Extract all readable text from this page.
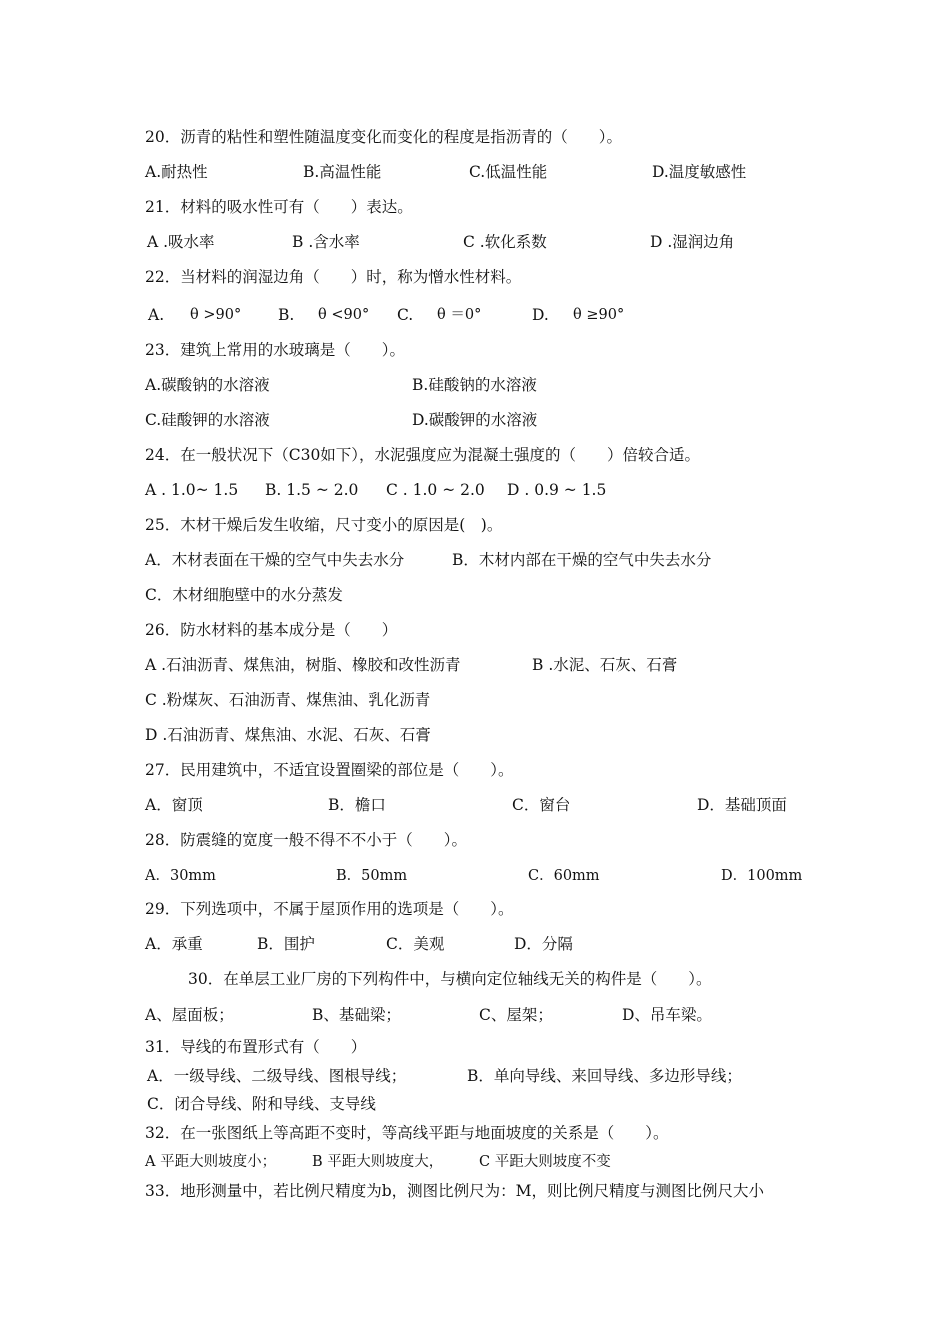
20．沥青的粘性和塑性随温度变化而变化的程度是指沥青的（　　）。
A.耐热性	B.高温性能	C.低温性能	D.温度敏感性
21．材料的吸水性可有（　　）表达。
A .吸水率	B .含水率	C .软化系数	D .湿润边角
22．当材料的润湿边角（　　）时，称为憎水性材料。
A. θ >90° B. θ <90° C. θ ＝0°	D. θ ≥90°
23．建筑上常用的水玻璃是（　　）。
A.碳酸钠的水溶液	B.硅酸钠的水溶液
C.硅酸钾的水溶液	D.碳酸钾的水溶液
24．在一般状况下（C30如下），水泥强度应为混凝土强度的（　　）倍较合适。
A . 1.0~ 1.5 B. 1.5 ~ 2.0 C . 1.0 ~ 2.0 D . 0.9 ~ 1.5
25．木材干燥后发生收缩，尺寸变小的原因是(　)。
A．木材表面在干燥的空气中失去水分	B．木材内部在干燥的空气中失去水分
C．木材细胞壁中的水分蒸发
26．防水材料的基本成分是（　　）
A .石油沥青、煤焦油，树脂、橡胶和改性沥青	B .水泥、石灰、石膏
C .粉煤灰、石油沥青、煤焦油、乳化沥青
D .石油沥青、煤焦油、水泥、石灰、石膏
27．民用建筑中，不适宜设置圈梁的部位是（　　）。
A．窗顶	B．檐口	C．窗台	D．基础顶面
28．防震缝的宽度一般不得不不小于（　　）。
A．30mm	B．50mm	C．60mm	D．100mm
29．下列选项中，不属于屋顶作用的选项是（　　）。
A．承重	B．围护	C．美观	D．分隔
30．在单层工业厂房的下列构件中，与横向定位轴线无关的构件是（　　）。
A、屋面板；	B、基础梁；	C、屋架；	D、吊车梁。
31．导线的布置形式有（　　）
A．一级导线、二级导线、图根导线；	B．单向导线、来回导线、多边形导线；
C．闭合导线、附和导线、支导线
32．在一张图纸上等高距不变时，等高线平距与地面坡度的关系是（　　）。
A 平距大则坡度小； B 平距大则坡度大， C 平距大则坡度不变
33．地形测量中，若比例尺精度为b，测图比例尺为：M，则比例尺精度与测图比例尺大小
